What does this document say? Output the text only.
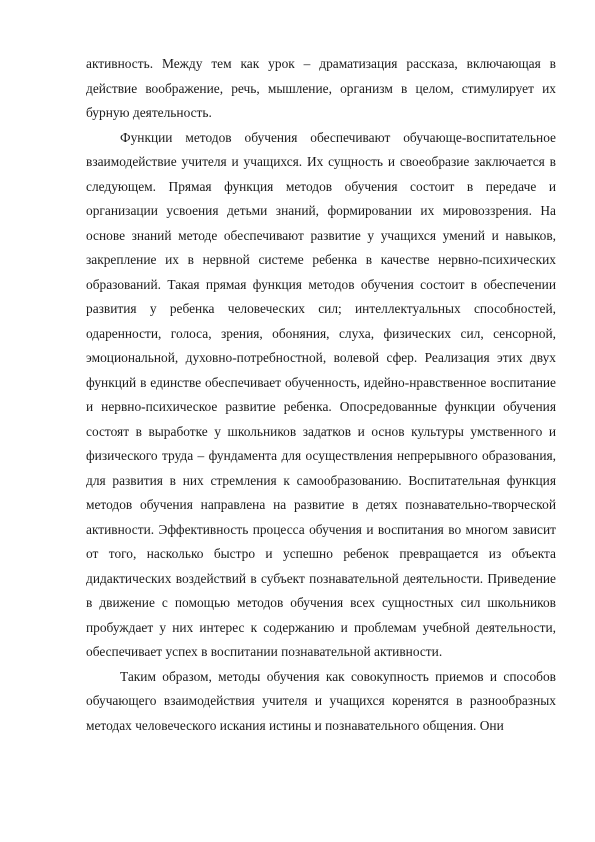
активность. Между тем как урок – драматизация рассказа, включающая в действие воображение, речь, мышление, организм в целом, стимулирует их бурную деятельность.

Функции методов обучения обеспечивают обучающе-воспитательное взаимодействие учителя и учащихся. Их сущность и своеобразие заключается в следующем. Прямая функция методов обучения состоит в передаче и организации усвоения детьми знаний, формировании их мировоззрения. На основе знаний методе обеспечивают развитие у учащихся умений и навыков, закрепление их в нервной системе ребенка в качестве нервно-психических образований. Такая прямая функция методов обучения состоит в обеспечении развития у ребенка человеческих сил; интеллектуальных способностей, одаренности, голоса, зрения, обоняния, слуха, физических сил, сенсорной, эмоциональной, духовно-потребностной, волевой сфер. Реализация этих двух функций в единстве обеспечивает обученность, идейно-нравственное воспитание и нервно-психическое развитие ребенка. Опосредованные функции обучения состоят в выработке у школьников задатков и основ культуры умственного и физического труда – фундамента для осуществления непрерывного образования, для развития в них стремления к самообразованию. Воспитательная функция методов обучения направлена на развитие в детях познавательно-творческой активности. Эффективность процесса обучения и воспитания во многом зависит от того, насколько быстро и успешно ребенок превращается из объекта дидактических воздействий в субъект познавательной деятельности. Приведение в движение с помощью методов обучения всех сущностных сил школьников пробуждает у них интерес к содержанию и проблемам учебной деятельности, обеспечивает успех в воспитании познавательной активности.

Таким образом, методы обучения как совокупность приемов и способов обучающего взаимодействия учителя и учащихся коренятся в разнообразных методах человеческого искания истины и познавательного общения. Они
